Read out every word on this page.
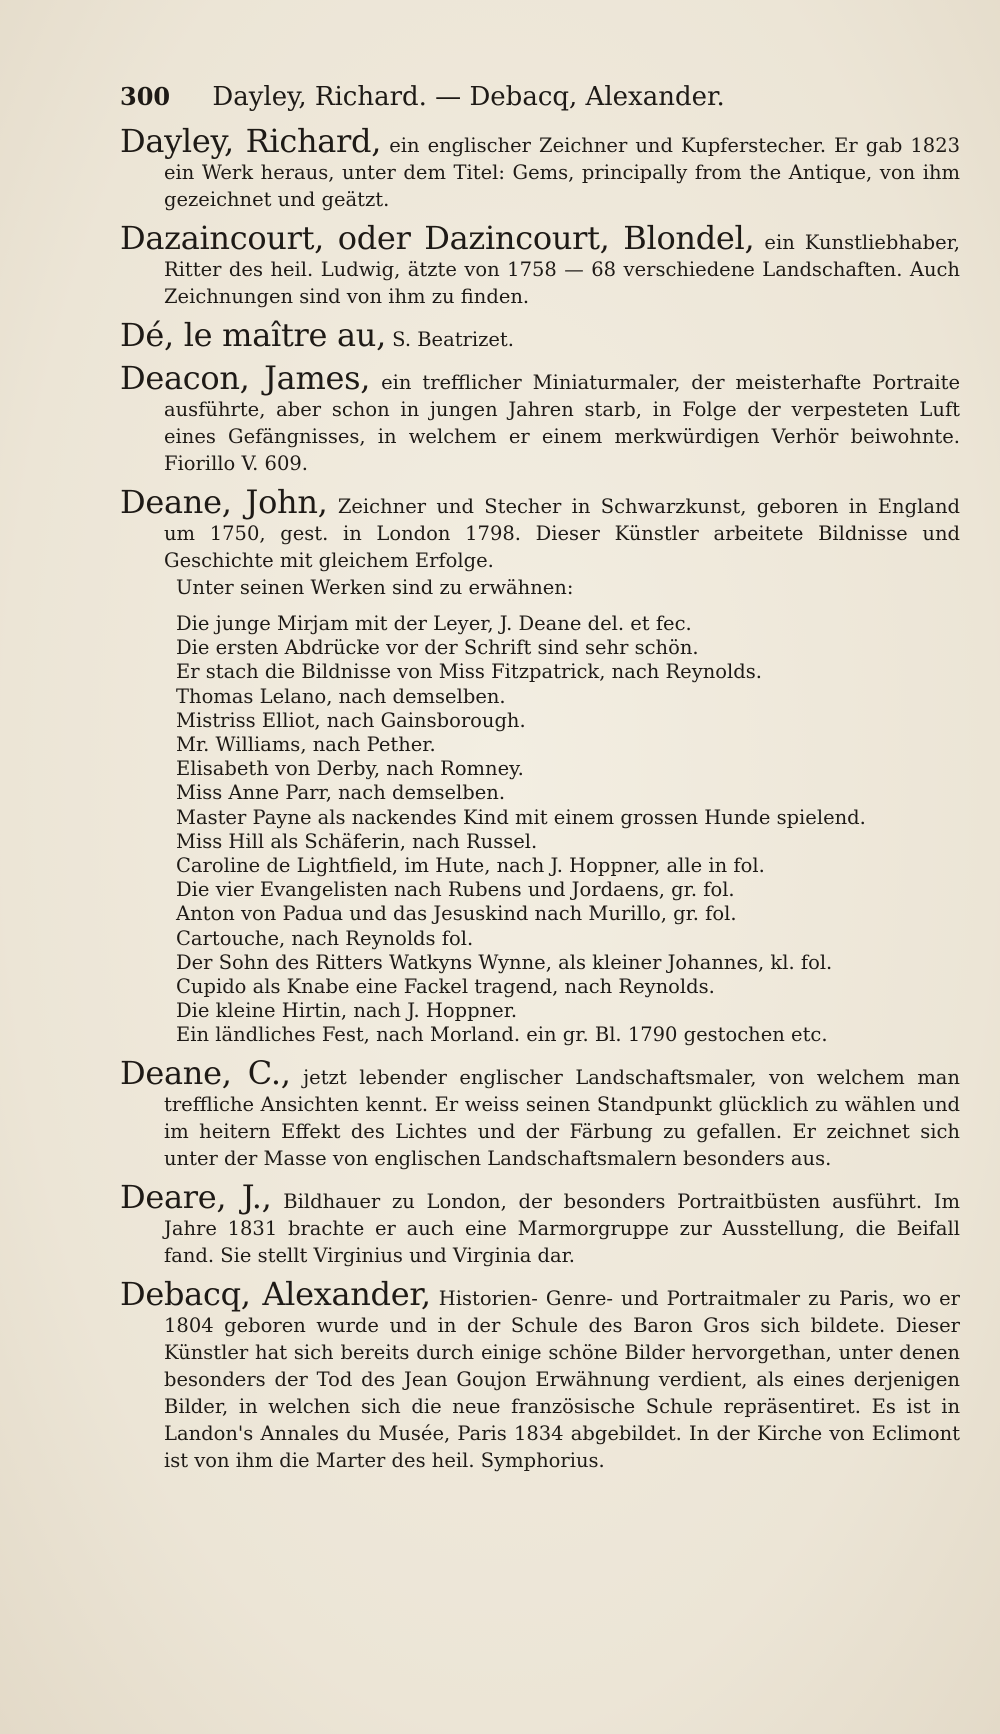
300 Dayley, Richard. — Debacq, Alexander.
Dayley, Richard, ein englischer Zeichner und Kupferstecher. Er gab 1823 ein Werk heraus, unter dem Titel: Gems, principally from the Antique, von ihm gezeichnet und geätzt.
Dazaincourt, oder Dazincourt, Blondel, ein Kunstliebhaber, Ritter des heil. Ludwig, ätzte von 1758 — 68 verschiedene Landschaften. Auch Zeichnungen sind von ihm zu finden.
Dé, le maître au, S. Beatrizet.
Deacon, James, ein trefflicher Miniaturmaler, der meisterhafte Portraite ausführte, aber schon in jungen Jahren starb, in Folge der verpesteten Luft eines Gefängnisses, in welchem er einem merkwürdigen Verhör beiwohnte. Fiorillo V. 609.
Deane, John, Zeichner und Stecher in Schwarzkunst, geboren in England um 1750, gest. in London 1798. Dieser Künstler arbeitete Bildnisse und Geschichte mit gleichem Erfolge.
Unter seinen Werken sind zu erwähnen:
Die junge Mirjam mit der Leyer, J. Deane del. et fec.
Die ersten Abdrücke vor der Schrift sind sehr schön.
Er stach die Bildnisse von Miss Fitzpatrick, nach Reynolds.
Thomas Lelano, nach demselben.
Mistriss Elliot, nach Gainsborough.
Mr. Williams, nach Pether.
Elisabeth von Derby, nach Romney.
Miss Anne Parr, nach demselben.
Master Payne als nackendes Kind mit einem grossen Hunde spielend.
Miss Hill als Schäferin, nach Russel.
Caroline de Lightfield, im Hute, nach J. Hoppner, alle in fol.
Die vier Evangelisten nach Rubens und Jordaens, gr. fol.
Anton von Padua und das Jesuskind nach Murillo, gr. fol.
Cartouche, nach Reynolds fol.
Der Sohn des Ritters Watkyns Wynne, als kleiner Johannes, kl. fol.
Cupido als Knabe eine Fackel tragend, nach Reynolds.
Die kleine Hirtin, nach J. Hoppner.
Ein ländliches Fest, nach Morland. ein gr. Bl. 1790 gestochen etc.
Deane, C., jetzt lebender englischer Landschaftsmaler, von welchem man treffliche Ansichten kennt. Er weiss seinen Standpunkt glücklich zu wählen und im heitern Effekt des Lichtes und der Färbung zu gefallen. Er zeichnet sich unter der Masse von englischen Landschaftsmalern besonders aus.
Deare, J., Bildhauer zu London, der besonders Portraitbüsten ausführt. Im Jahre 1831 brachte er auch eine Marmorgruppe zur Ausstellung, die Beifall fand. Sie stellt Virginius und Virginia dar.
Debacq, Alexander, Historien- Genre- und Portraitmaler zu Paris, wo er 1804 geboren wurde und in der Schule des Baron Gros sich bildete. Dieser Künstler hat sich bereits durch einige schöne Bilder hervorgethan, unter denen besonders der Tod des Jean Goujon Erwähnung verdient, als eines derjenigen Bilder, in welchen sich die neue französische Schule repräsentiret. Es ist in Landon's Annales du Musée, Paris 1834 abgebildet. In der Kirche von Eclimont ist von ihm die Marter des heil. Symphorius.
